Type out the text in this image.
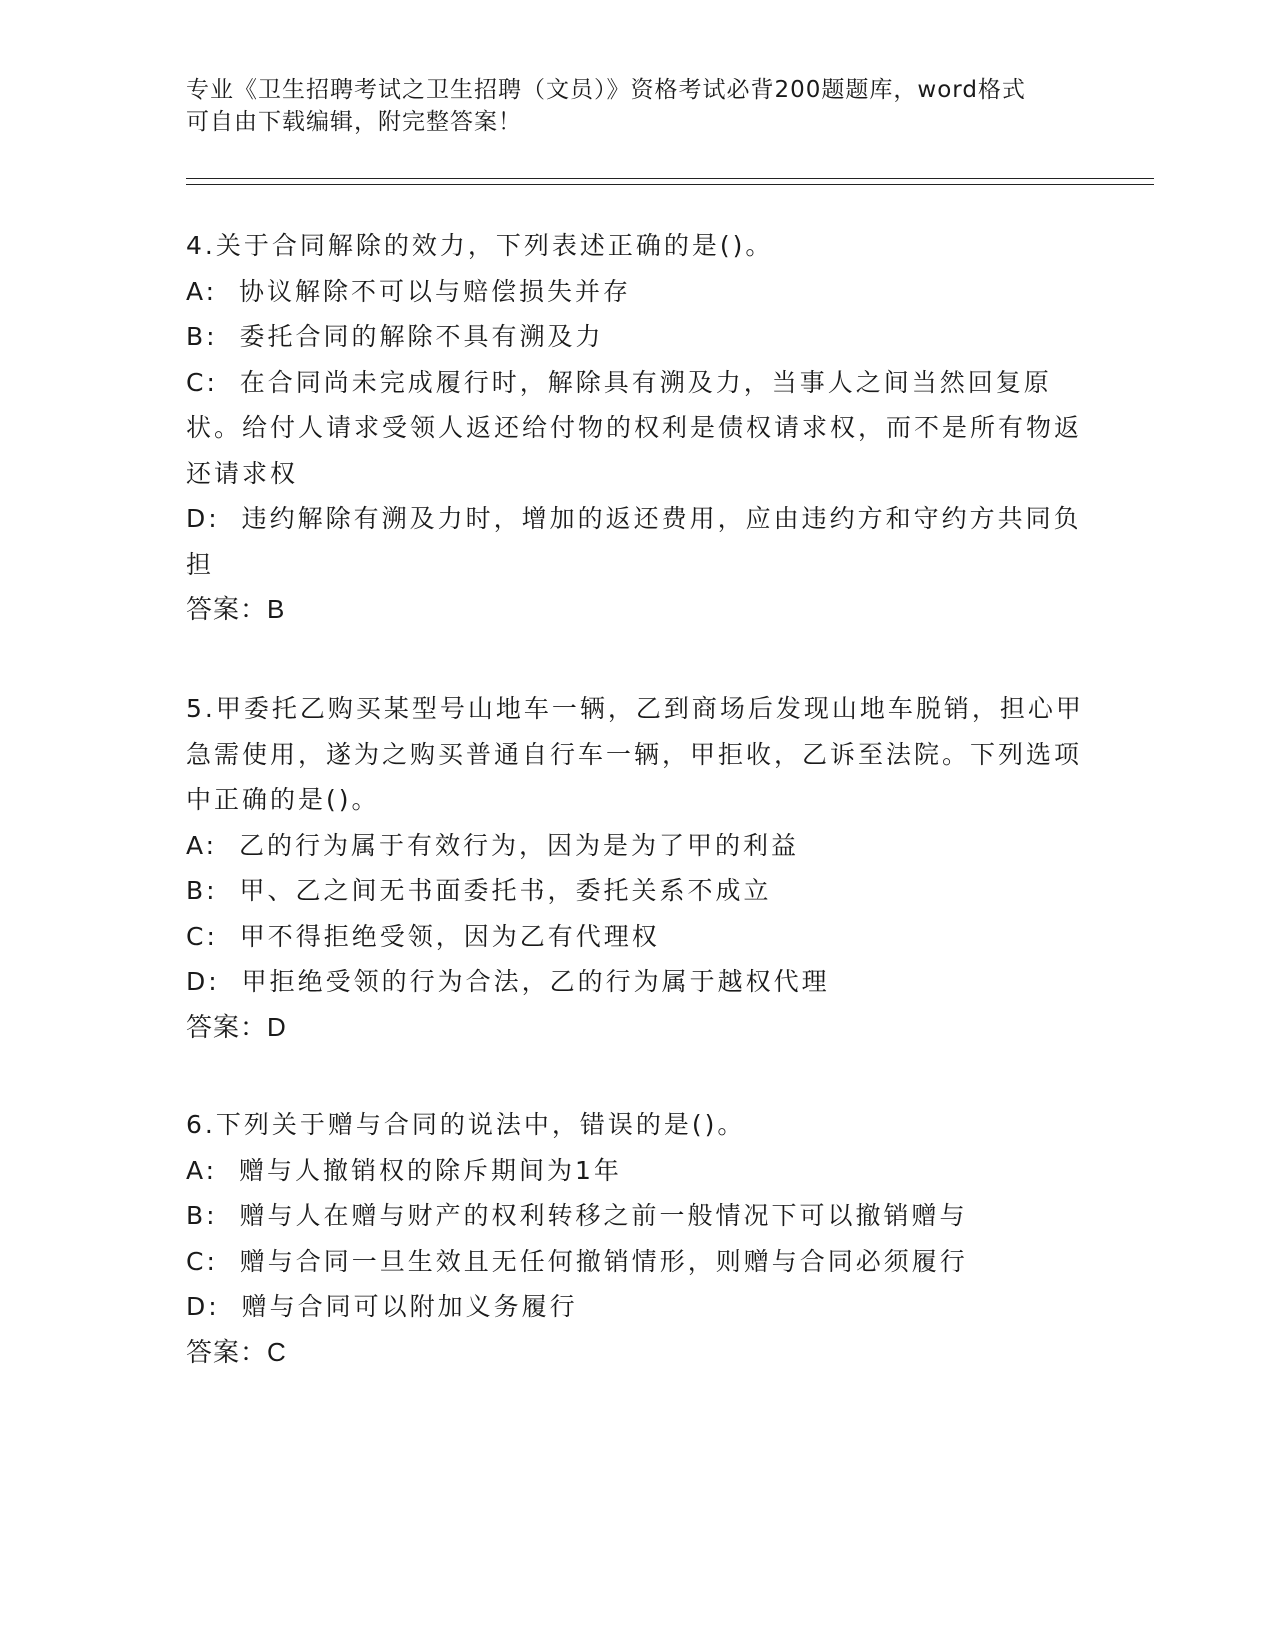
专业《卫生招聘考试之卫生招聘（文员）》资格考试必背200题题库，word格式
可自由下载编辑，附完整答案！
4.关于合同解除的效力，下列表述正确的是()。
A:  协议解除不可以与赔偿损失并存
B:  委托合同的解除不具有溯及力
C:  在合同尚未完成履行时，解除具有溯及力，当事人之间当然回复原状。给付人请求受领人返还给付物的权利是债权请求权，而不是所有物返还请求权
D:  违约解除有溯及力时，增加的返还费用，应由违约方和守约方共同负担
答案：B
5.甲委托乙购买某型号山地车一辆，乙到商场后发现山地车脱销，担心甲急需使用，遂为之购买普通自行车一辆，甲拒收，乙诉至法院。下列选项中正确的是()。
A:  乙的行为属于有效行为，因为是为了甲的利益
B:  甲、乙之间无书面委托书，委托关系不成立
C:  甲不得拒绝受领，因为乙有代理权
D:  甲拒绝受领的行为合法，乙的行为属于越权代理
答案：D
6.下列关于赠与合同的说法中，错误的是()。
A:  赠与人撤销权的除斥期间为1年
B:  赠与人在赠与财产的权利转移之前一般情况下可以撤销赠与
C:  赠与合同一旦生效且无任何撤销情形，则赠与合同必须履行
D:  赠与合同可以附加义务履行
答案：C
